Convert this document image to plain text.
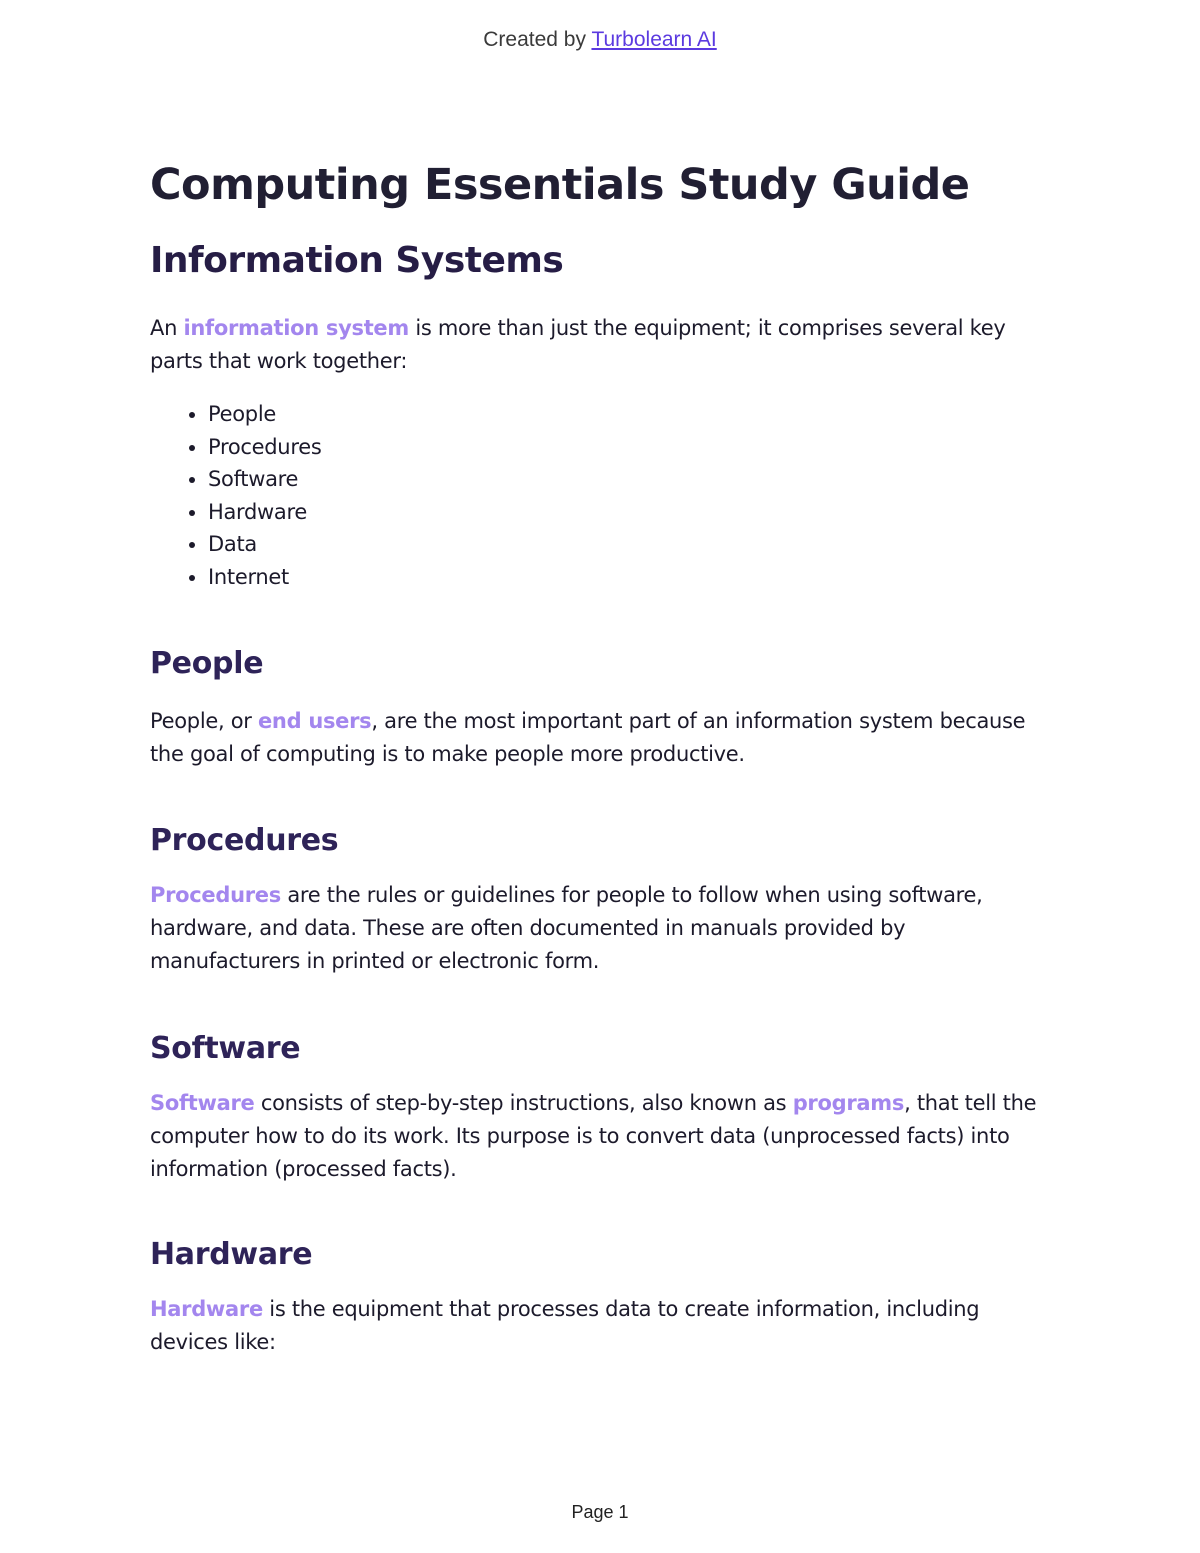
Created by Turbolearn AI
Computing Essentials Study Guide
Information Systems

An information system is more than just the equipment; it comprises several key parts that work together:

• People
• Procedures
• Software
• Hardware
• Data
• Internet
People

People, or end users, are the most important part of an information system because the goal of computing is to make people more productive.

Procedures

Procedures are the rules or guidelines for people to follow when using software, hardware, and data. These are often documented in manuals provided by manufacturers in printed or electronic form.

Software

Software consists of step-by-step instructions, also known as programs, that tell the computer how to do its work. Its purpose is to convert data (unprocessed facts) into information (processed facts).

Hardware

Hardware is the equipment that processes data to create information, including devices like:

Page 1
